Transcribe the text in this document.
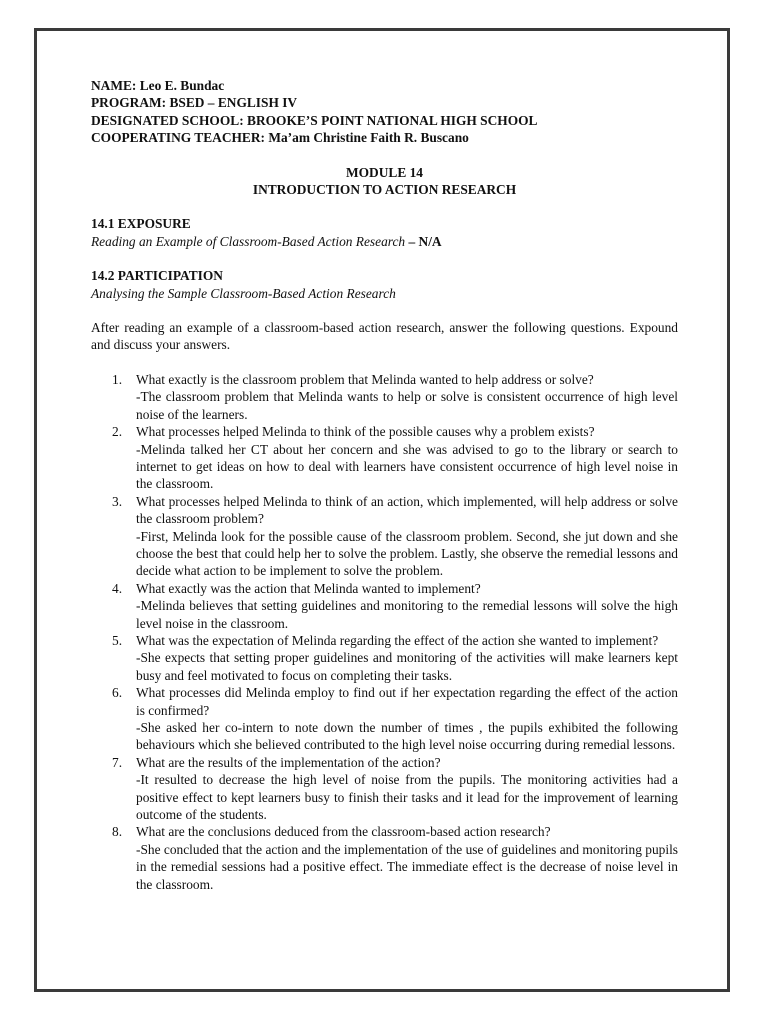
NAME: Leo E. Bundac
PROGRAM: BSED – ENGLISH IV
DESIGNATED SCHOOL: BROOKE’S POINT NATIONAL HIGH SCHOOL
COOPERATING TEACHER: Ma’am Christine Faith R. Buscano
MODULE 14
INTRODUCTION TO ACTION RESEARCH
14.1 EXPOSURE
Reading an Example of Classroom-Based Action Research – N/A
14.2 PARTICIPATION
Analysing the Sample Classroom-Based Action Research
After reading an example of a classroom-based action research, answer the following questions. Expound and discuss your answers.
1. What exactly is the classroom problem that Melinda wanted to help address or solve?
-The classroom problem that Melinda wants to help or solve is consistent occurrence of high level noise of the learners.
2. What processes helped Melinda to think of the possible causes why a problem exists?
-Melinda talked her CT about her concern and she was advised to go to the library or search to internet to get ideas on how to deal with learners have consistent occurrence of high level noise in the classroom.
3. What processes helped Melinda to think of an action, which implemented, will help address or solve the classroom problem?
-First, Melinda look for the possible cause of the classroom problem. Second, she jut down and she choose the best that could help her to solve the problem. Lastly, she observe the remedial lessons and decide what action to be implement to solve the problem.
4. What exactly was the action that Melinda wanted to implement?
-Melinda believes that setting guidelines and monitoring to the remedial lessons will solve the high level noise in the classroom.
5. What was the expectation of Melinda regarding the effect of the action she wanted to implement?
-She expects that setting proper guidelines and monitoring of the activities will make learners kept busy and feel motivated to focus on completing their tasks.
6. What processes did Melinda employ to find out if her expectation regarding the effect of the action is confirmed?
-She asked her co-intern to note down the number of times , the pupils exhibited the following behaviours which she believed contributed to the high level noise occurring during remedial lessons.
7. What are the results of the implementation of the action?
-It resulted to decrease the high level of noise from the pupils. The monitoring activities had a positive effect to kept learners busy to finish their tasks and it lead for the improvement of learning outcome of the students.
8. What are the conclusions deduced from the classroom-based action research?
-She concluded that the action and the implementation of the use of guidelines and monitoring pupils in the remedial sessions had a positive effect. The immediate effect is the decrease of noise level in the classroom.
